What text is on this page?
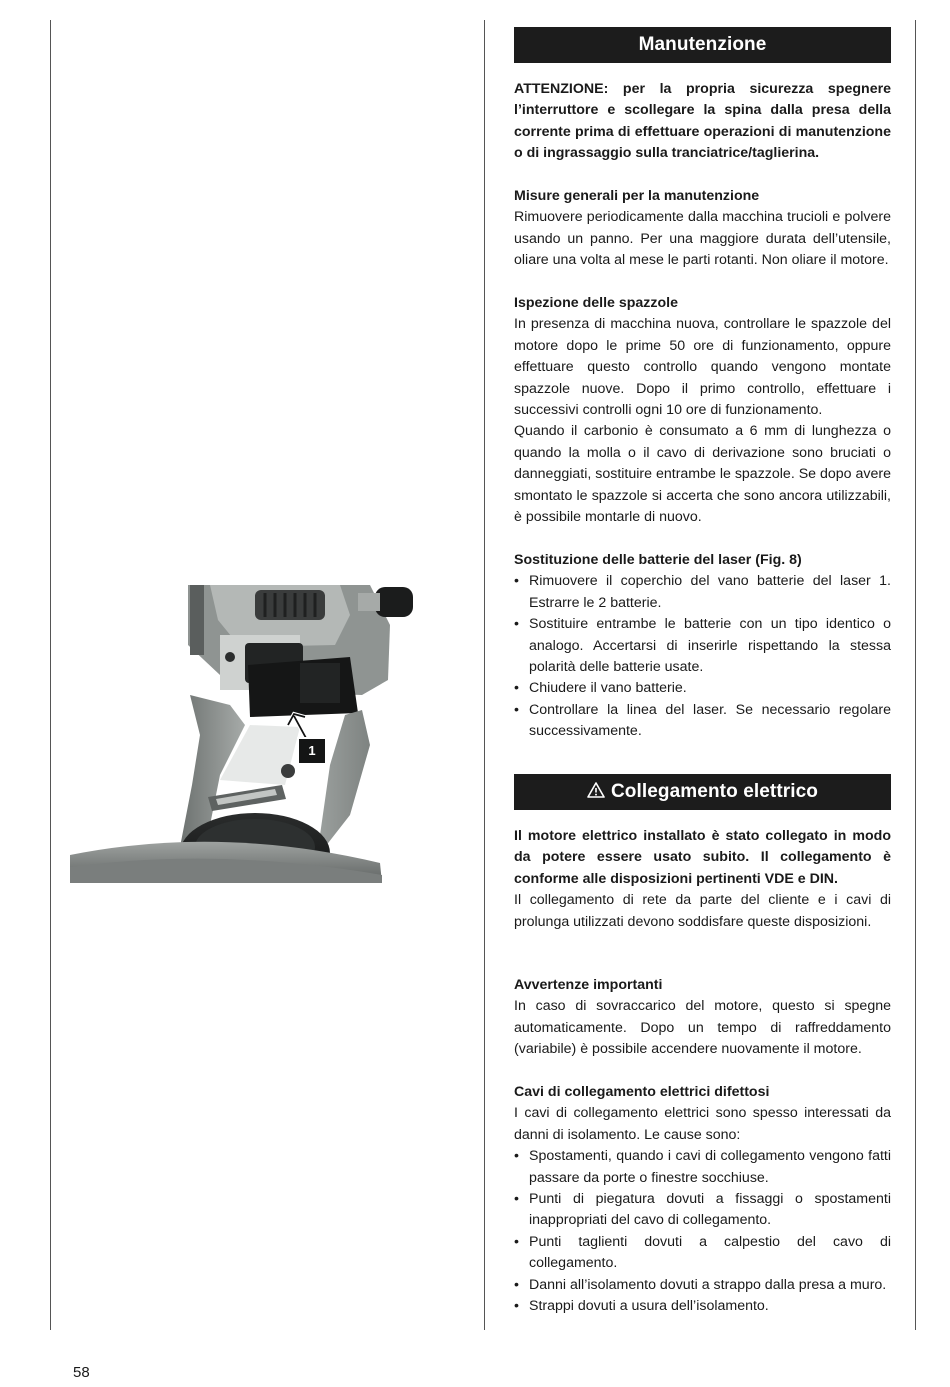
1
Manutenzione

ATTENZIONE: per la propria sicurezza spegnere l’interruttore e scollegare la spina dalla presa della corrente prima di effettuare operazioni di manutenzione o di ingrassaggio sulla tranciatrice/taglierina.

Misure generali per la manutenzione

Rimuovere periodicamente dalla macchina trucioli e polvere usando un panno. Per una maggiore durata dell’utensile, oliare una volta al mese le parti rotanti. Non oliare il motore.

Ispezione delle spazzole

In presenza di macchina nuova, controllare le spazzole del motore dopo le prime 50 ore di funzionamento, oppure effettuare questo controllo quando vengono montate spazzole nuove. Dopo il primo controllo, effettuare i successivi controlli ogni 10 ore di funzionamento.

Quando il carbonio è consumato a 6 mm di lunghezza o quando la molla o il cavo di derivazione sono bruciati o danneggiati, sostituire entrambe le spazzole. Se dopo avere smontato le spazzole si accerta che sono ancora utilizzabili, è possibile montarle di nuovo.

Sostituzione delle batterie del laser (Fig. 8)

• Rimuovere il coperchio del vano batterie del laser 1. Estrarre le 2 batterie.
• Sostituire entrambe le batterie con un tipo identico o analogo. Accertarsi di inserirle rispettando la stessa polarità delle batterie usate.
• Chiudere il vano batterie.
• Controllare la linea del laser. Se necessario regolare successivamente.
Collegamento elettrico

Il motore elettrico installato è stato collegato in modo da potere essere usato subito. Il collegamento è conforme alle disposizioni pertinenti VDE e DIN.

Il collegamento di rete da parte del cliente e i cavi di prolunga utilizzati devono soddisfare queste disposizioni.

Avvertenze importanti

In caso di sovraccarico del motore, questo si spegne automaticamente. Dopo un tempo di raffreddamento (variabile) è possibile accendere nuovamente il motore.

Cavi di collegamento elettrici difettosi

I cavi di collegamento elettrici sono spesso interessati da danni di isolamento. Le cause sono:

• Spostamenti, quando i cavi di collegamento vengono fatti passare da porte o finestre socchiuse.
• Punti di piegatura dovuti a fissaggi o spostamenti inappropriati del cavo di collegamento.
• Punti taglienti dovuti a calpestio del cavo di collegamento.
• Danni all’isolamento dovuti a strappo dalla presa a muro.
• Strappi dovuti a usura dell’isolamento.
58
